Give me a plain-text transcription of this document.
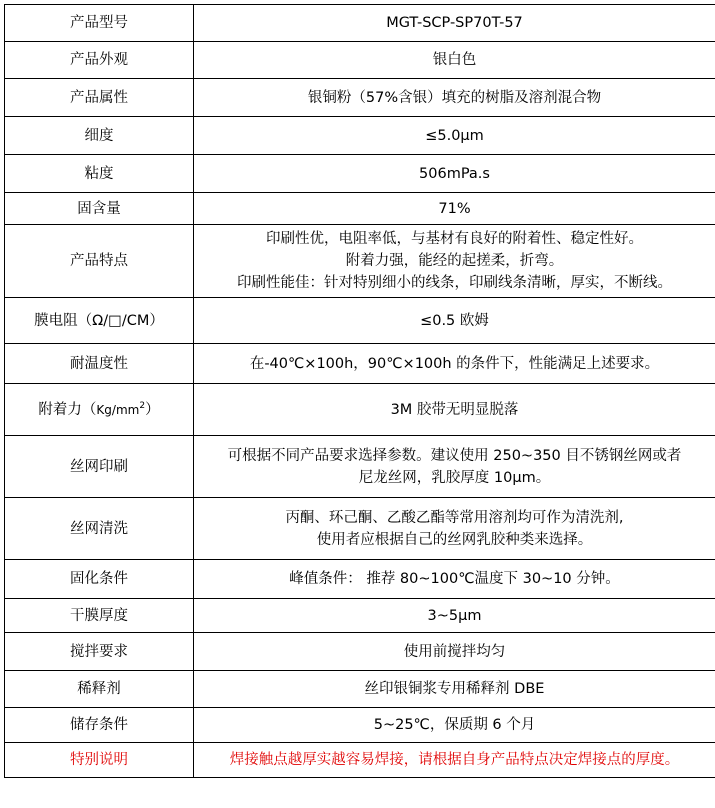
产品型号	MGT-SCP-SP70T-57
产品外观	银白色
产品属性	银铜粉（57%含银）填充的树脂及溶剂混合物
细度	≤5.0μm
粘度	506mPa.s
固含量	71%
产品特点	印刷性优，电阻率低，与基材有良好的附着性、稳定性好。
附着力强，能经的起搓柔，折弯。
印刷性能佳：针对特别细小的线条，印刷线条清晰，厚实，不断线。

膜电阻（Ω/□/CM）	≤0.5 欧姆
耐温度性	在-40℃×100h，90℃×100h 的条件下，性能满足上述要求。
附着力$(Kg/mm^2)$	3M 胶带无明显脱落
丝网印刷	可根据不同产品要求选择参数。建议使用 250~350 目不锈钢丝网或者
尼龙丝网，乳胶厚度 10μm。

丝网清洗	丙酮、环己酮、乙酸乙酯等常用溶剂均可作为清洗剂,
使用者应根据自己的丝网乳胶种类来选择。

固化条件	峰值条件： 推荐 80~100℃温度下 30~10 分钟。
干膜厚度	3~5μm
搅拌要求	使用前搅拌均匀
稀释剂	丝印银铜浆专用稀释剂 DBE
储存条件	5~25℃，保质期 6 个月
特别说明	焊接触点越厚实越容易焊接，请根据自身产品特点决定焊接点的厚度。
